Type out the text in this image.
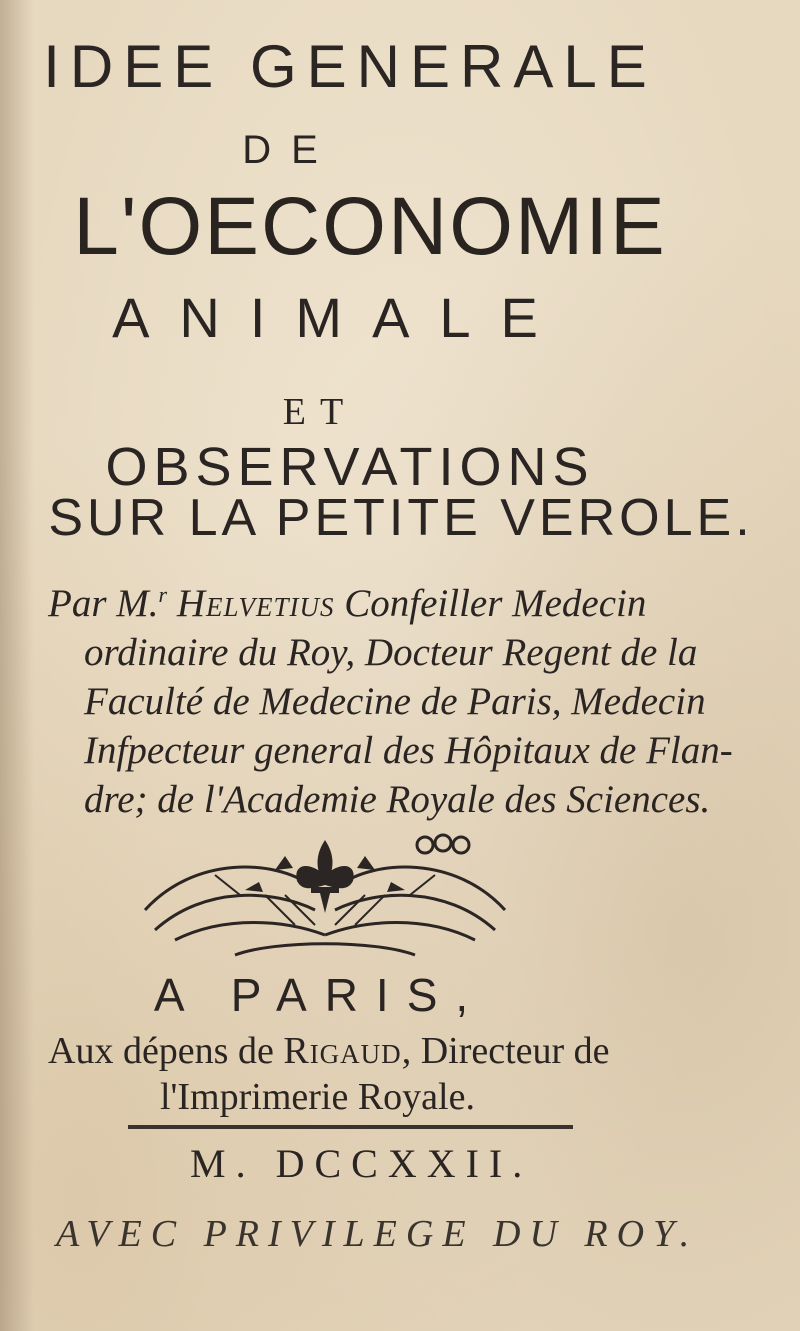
IDEE GENERALE
DE
L'OECONOMIE
ANIMALE
ET
OBSERVATIONS
SUR LA PETITE VEROLE.
Par M.$^r$ Helvetius Confeiller Medecin
ordinaire du Roy, Docteur Regent de la
Faculté de Medecine de Paris, Medecin
Infpecteur general des Hôpitaux de Flan-
dre; de l'Academie Royale des Sciences.
A PARIS,
Aux dépens de Rigaud, Directeur de
l'Imprimerie Royale.
M. DCCXXII.
AVEC PRIVILEGE DU ROY.
